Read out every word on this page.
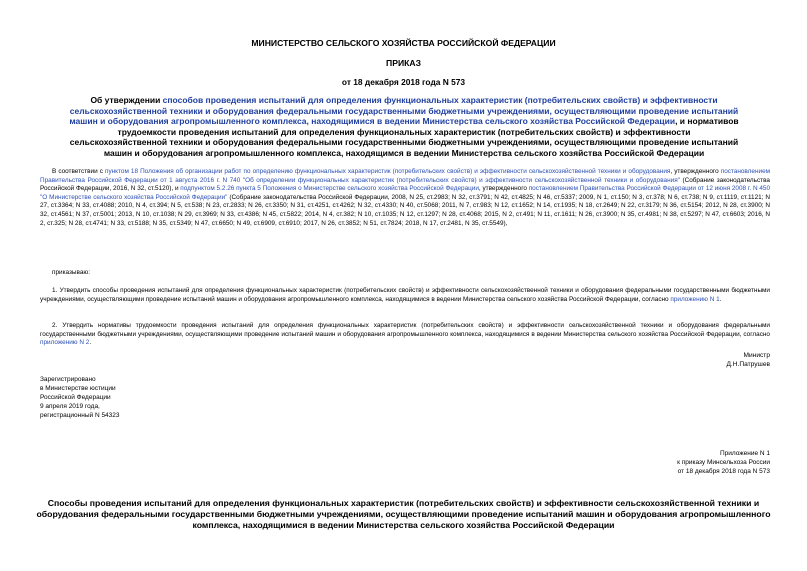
МИНИСТЕРСТВО СЕЛЬСКОГО ХОЗЯЙСТВА РОССИЙСКОЙ ФЕДЕРАЦИИ
ПРИКАЗ
от 18 декабря 2018 года N 573
Об утверждении способов проведения испытаний для определения функциональных характеристик (потребительских свойств) и эффективности сельскохозяйственной техники и оборудования федеральными государственными бюджетными учреждениями, осуществляющими проведение испытаний машин и оборудования агропромышленного комплекса, находящимися в ведении Министерства сельского хозяйства Российской Федерации, и нормативов трудоемкости проведения испытаний для определения функциональных характеристик (потребительских свойств) и эффективности сельскохозяйственной техники и оборудования федеральными государственными бюджетными учреждениями, осуществляющими проведение испытаний машин и оборудования агропромышленного комплекса, находящимся в ведении Министерства сельского хозяйства Российской Федерации
В соответствии с пунктом 18 Положения об организации работ по определению функциональных характеристик (потребительских свойств) и эффективности сельскохозяйственной техники и оборудования, утвержденного постановлением Правительства Российской Федерации от 1 августа 2016 г. N 740 "Об определении функциональных характеристик (потребительских свойств) и эффективности сельскохозяйственной техники и оборудования" (Собрание законодательства Российской Федерации, 2016, N 32, ст.5120), и подпунктом 5.2.26 пункта 5 Положения о Министерстве сельского хозяйства Российской Федерации, утвержденного постановлением Правительства Российской Федерации от 12 июня 2008 г. N 450 "О Министерстве сельского хозяйства Российской Федерации" (Собрание законодательства Российской Федерации, 2008, N 25, ст.2983; N 32, ст.3791; N 42, ст.4825; N 46, ст.5337; 2009, N 1, ст.150; N 3, ст.378; N 6, ст.738; N 9, ст.1119, ст.1121; N 27, ст.3364; N 33, ст.4088; 2010, N 4, ст.394; N 5, ст.538; N 23, ст.2833; N 26, ст.3350; N 31, ст.4251, ст.4262; N 32, ст.4330; N 40, ст.5068; 2011, N 7, ст.983; N 12, ст.1652; N 14, ст.1935; N 18, ст.2649; N 22, ст.3179; N 36, ст.5154; 2012, N 28, ст.3900; N 32, ст.4561; N 37, ст.5001; 2013, N 10, ст.1038; N 29, ст.3969; N 33, ст.4386; N 45, ст.5822; 2014, N 4, ст.382; N 10, ст.1035; N 12, ст.1297; N 28, ст.4068; 2015, N 2, ст.491; N 11, ст.1611; N 26, ст.3900; N 35, ст.4981; N 38, ст.5297; N 47, ст.6603; 2016, N 2, ст.325; N 28, ст.4741; N 33, ст.5188; N 35, ст.5349; N 47, ст.6650; N 49, ст.6909, ст.6910; 2017, N 26, ст.3852; N 51, ст.7824; 2018, N 17, ст.2481, N 35, ст.5549),
приказываю:
1. Утвердить способы проведения испытаний для определения функциональных характеристик (потребительских свойств) и эффективности сельскохозяйственной техники и оборудования федеральными государственными бюджетными учреждениями, осуществляющими проведение испытаний машин и оборудования агропромышленного комплекса, находящимися в ведении Министерства сельского хозяйства Российской Федерации, согласно приложению N 1.
2. Утвердить нормативы трудоемкости проведения испытаний для определения функциональных характеристик (потребительских свойств) и эффективности сельскохозяйственной техники и оборудования федеральными государственными бюджетными учреждениями, осуществляющими проведение испытаний машин и оборудования агропромышленного комплекса, находящимися в ведении Министерства сельского хозяйства Российской Федерации, согласно приложению N 2.
Министр
Д.Н.Патрушев
Зарегистрировано
в Министерстве юстиции
Российской Федерации
9 апреля 2019 года,
регистрационный N 54323
Приложение N 1
к приказу Минсельхоза России
от 18 декабря 2018 года N 573
Способы проведения испытаний для определения функциональных характеристик (потребительских свойств) и эффективности сельскохозяйственной техники и оборудования федеральными государственными бюджетными учреждениями, осуществляющими проведение испытаний машин и оборудования агропромышленного комплекса, находящимися в ведении Министерства сельского хозяйства Российской Федерации
